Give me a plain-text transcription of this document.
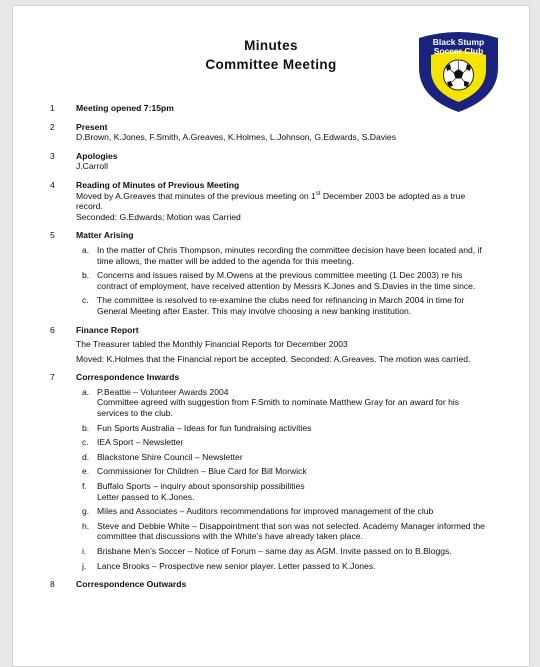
Minutes
Committee Meeting
Black Stump
Soccer Club
1 Meeting opened 7:15pm
2 Present
D.Brown, K.Jones, F.Smith, A.Greaves, K.Holmes, L.Johnson, G.Edwards, S.Davies
3 Apologies
J.Carroll
4 Reading of Minutes of Previous Meeting
Moved by A.Greaves that minutes of the previous meeting on 1st December 2003 be adopted as a true record.
Seconded: G.Edwards; Motion was Carried
5 Matter Arising
a. In the matter of Chris Thompson, minutes recording the committee decision have been located and, if time allows, the matter will be added to the agenda for this meeting.
b. Concerns and issues raised by M.Owens at the previous committee meeting (1 Dec 2003) re his contract of employment, have received attention by Messrs K.Jones and S.Davies in the time since.
c. The committee is resolved to re-examine the clubs need for refinancing in March 2004 in time for General Meeting after Easter. This may involve choosing a new banking institution.
6 Finance Report
The Treasurer tabled the Monthly Financial Reports for December 2003
Moved: K.Holmes that the Financial report be accepted. Seconded: A.Greaves. The motion was carried.
7 Correspondence Inwards
a. P.Beattie – Volunteer Awards 2004
Committee agreed with suggestion from F.Smith to nominate Matthew Gray for an award for his services to the club.
b. Fun Sports Australia – Ideas for fun fundraising activities
c. IEA Sport – Newsletter
d. Blackstone Shire Council – Newsletter
e. Commissioner for Children – Blue Card for Bill Morwick
f. Buffalo Sports – inquiry about sponsorship possibilities
Letter passed to K.Jones.
g. Miles and Associates – Auditors recommendations for improved management of the club
h. Steve and Debbie White – Disappointment that son was not selected. Academy Manager informed the committee that discussions with the White’s have already taken place.
i. Brisbane Men’s Soccer – Notice of Forum – same day as AGM. Invite passed on to B.Bloggs.
j. Lance Brooks – Prospective new senior player. Letter passed to K.Jones.
8 Correspondence Outwards
